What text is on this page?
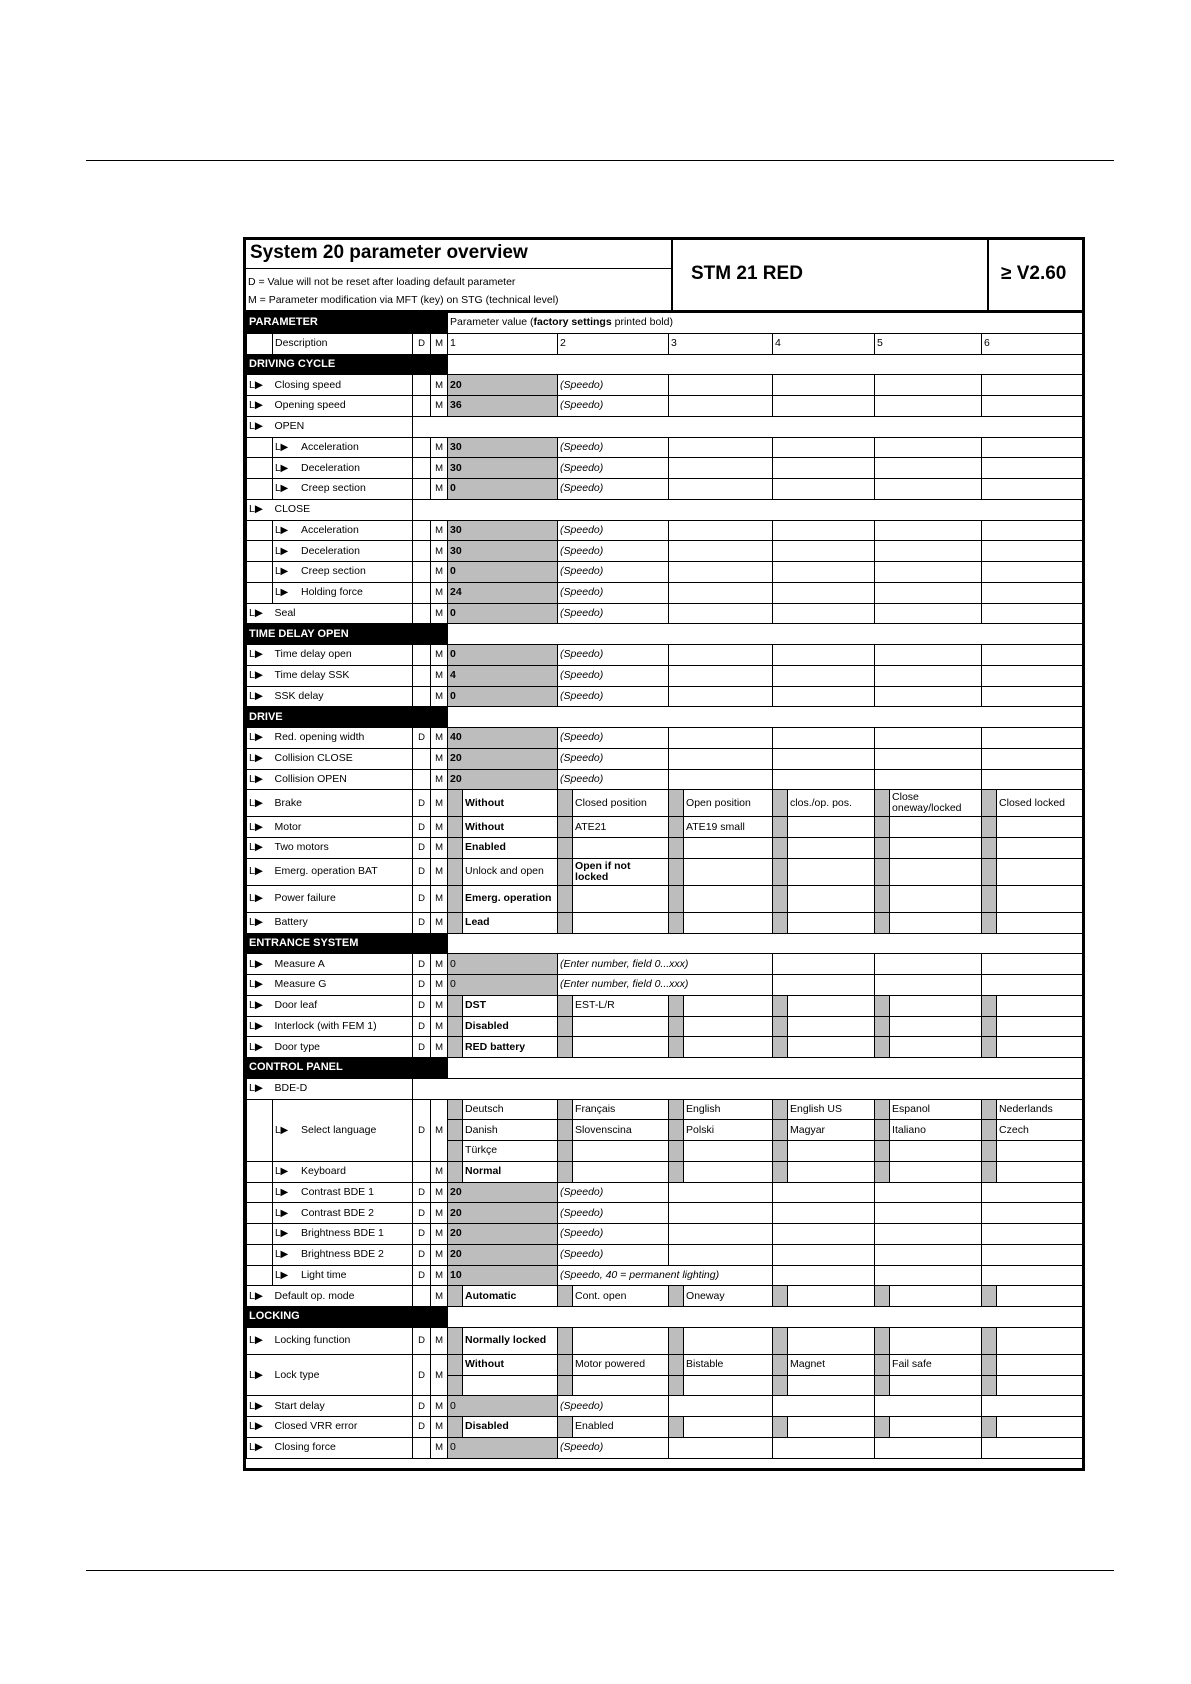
System 20 parameter overview
D = Value will not be reset after loading default parameter
M = Parameter modification via MFT (key) on STG (technical level)
STM 21 RED	≥ V2.60
PARAMETER				Parameter value (factory settings printed bold)											
	Description	D	M	1		2		3		4		5		6	
DRIVING CYCLE															
L▶	Closing speed		M	20		(Speedo)									
L▶	Opening speed		M	36		(Speedo)									
L▶	OPEN														
	L▶ Acceleration		M	30		(Speedo)									
	L▶ Deceleration		M	30		(Speedo)									
	L▶ Creep section		M	0		(Speedo)									
L▶	CLOSE														
	L▶ Acceleration		M	30		(Speedo)									
	L▶ Deceleration		M	30		(Speedo)									
	L▶ Creep section		M	0		(Speedo)									
	L▶ Holding force		M	24		(Speedo)									
L▶	Seal		M	0		(Speedo)									
TIME DELAY OPEN															
L▶	Time delay open		M	0		(Speedo)									
L▶	Time delay SSK		M	4		(Speedo)									
L▶	SSK delay		M	0		(Speedo)									
DRIVE															
L▶	Red. opening width	D	M	40		(Speedo)									
L▶	Collision CLOSE		M	20		(Speedo)									
L▶	Collision OPEN		M	20		(Speedo)									
L▶	Brake	D	M		Without		Closed position		Open position		clos./op. pos.		Close oneway/locked		Closed locked
L▶	Motor	D	M		Without		ATE21		ATE19 small						
L▶	Two motors	D	M		Enabled										
L▶	Emerg. operation BAT	D	M		Unlock and open		Open if not locked								
L▶	Power failure	D	M		Emerg. operation										
L▶	Battery	D	M		Lead										
ENTRANCE SYSTEM															
L▶	Measure A	D	M	0		(Enter number, field 0...xxx)									
L▶	Measure G	D	M	0		(Enter number, field 0...xxx)									
L▶	Door leaf	D	M		DST		EST-L/R								
L▶	Interlock (with FEM 1)	D	M		Disabled										
L▶	Door type	D	M		RED battery										
CONTROL PANEL															
L▶	BDE-D														
	L▶ Select language	D	M		Deutsch		Français		English		English US		Espanol		Nederlands
					Danish		Slovenscina		Polski		Magyar		Italiano		Czech
					Türkçe										
	L▶ Keyboard		M		Normal										
	L▶ Contrast BDE 1	D	M	20		(Speedo)									
	L▶ Contrast BDE 2	D	M	20		(Speedo)									
	L▶ Brightness BDE 1	D	M	20		(Speedo)									
	L▶ Brightness BDE 2	D	M	20		(Speedo)									
	L▶ Light time	D	M	10		(Speedo, 40 = permanent lighting)									
L▶	Default op. mode		M		Automatic		Cont. open		Oneway						
LOCKING															
L▶	Locking function	D	M		Normally locked										
L▶	Lock type	D	M		Without		Motor powered		Bistable		Magnet		Fail safe		

L▶	Start delay	D	M	0		(Speedo)									
L▶	Closed VRR error	D	M		Disabled		Enabled								
L▶	Closing force		M	0		(Speedo)									
